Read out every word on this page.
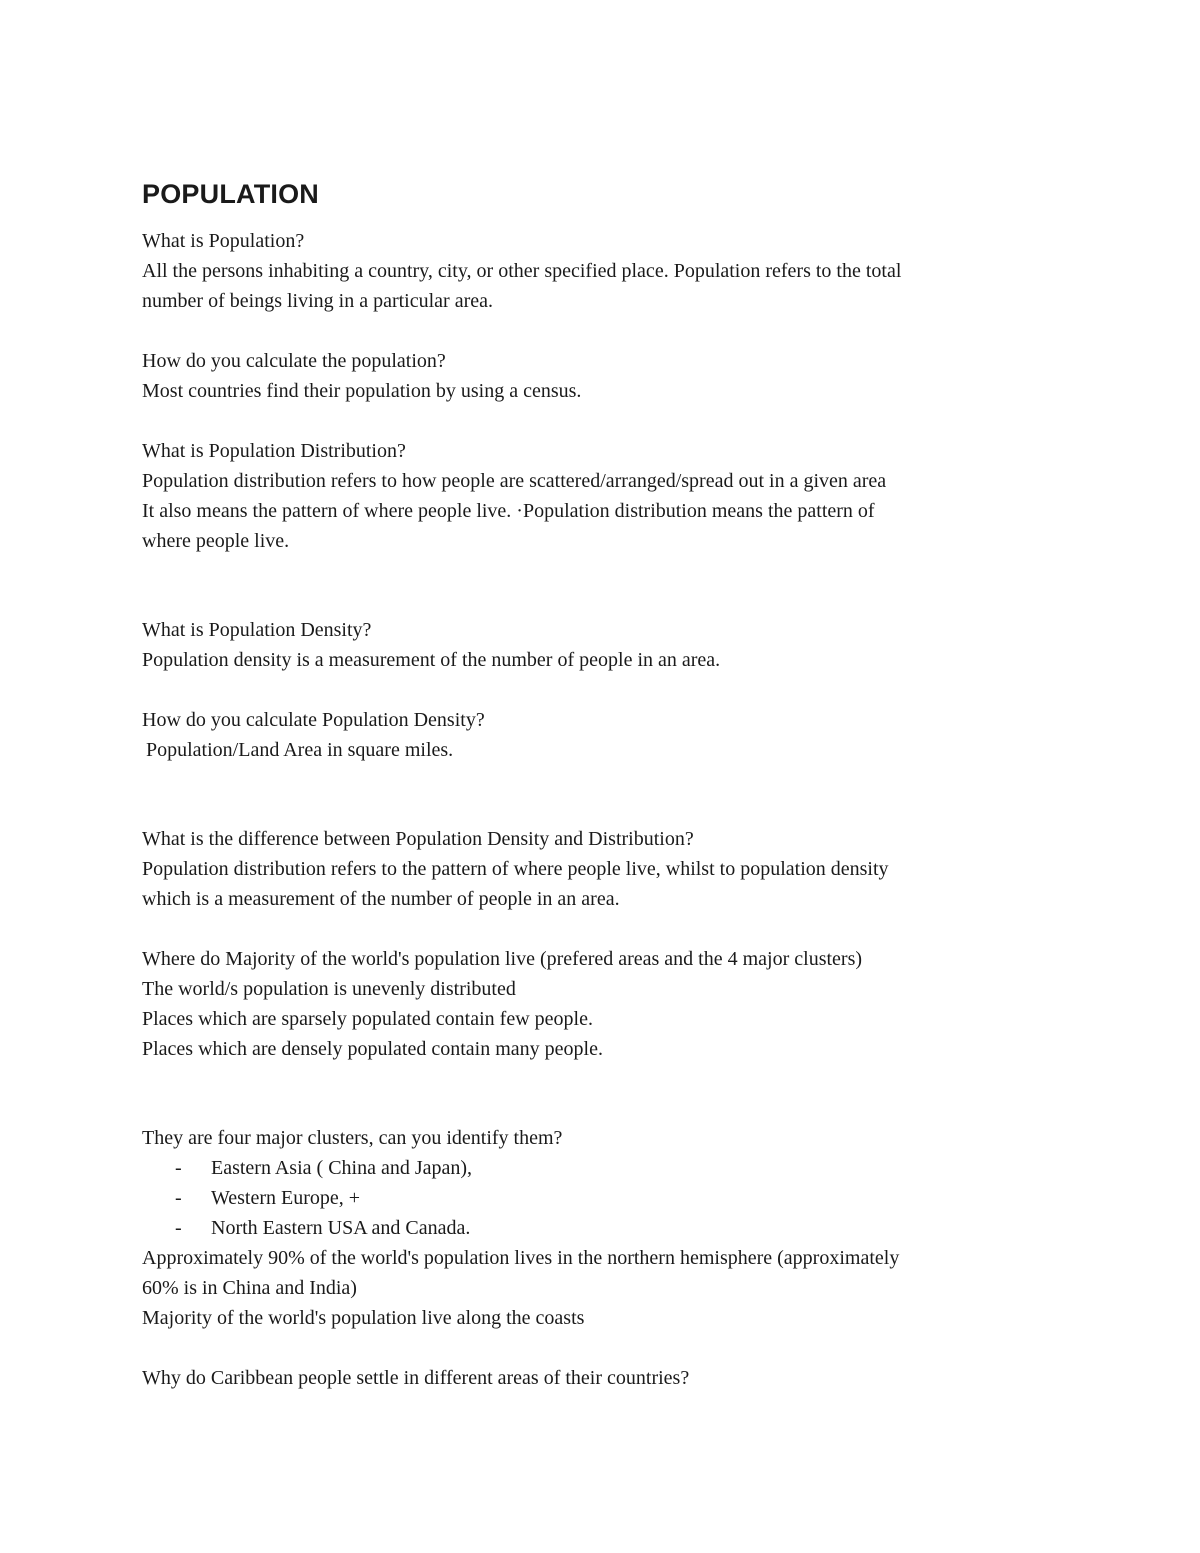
POPULATION
What is Population?
All the persons inhabiting a country, city, or other specified place. Population refers to the total
number of beings living in a particular area.
How do you calculate the population?
Most countries find their population by using a census.
What is Population Distribution?
Population distribution refers to how people are scattered/arranged/spread out in a given area
It also means the pattern of where people live. ·Population distribution means the pattern of
where people live.
What is Population Density?
Population density is a measurement of the number of people in an area.
How do you calculate Population Density?
Population/Land Area in square miles.
What is the difference between Population Density and Distribution?
Population distribution refers to the pattern of where people live, whilst to population density
which is a measurement of the number of people in an area.
Where do Majority of the world's population live (prefered areas and the 4 major clusters)
The world/s population is unevenly distributed
Places which are sparsely populated contain few people.
Places which are densely populated contain many people.
They are four major clusters, can you identify them?
- Eastern Asia ( China and Japan),
- Western Europe, +
- North Eastern USA and Canada.
Approximately 90% of the world's population lives in the northern hemisphere (approximately
60% is in China and India)
Majority of the world's population live along the coasts
Why do Caribbean people settle in different areas of their countries?
